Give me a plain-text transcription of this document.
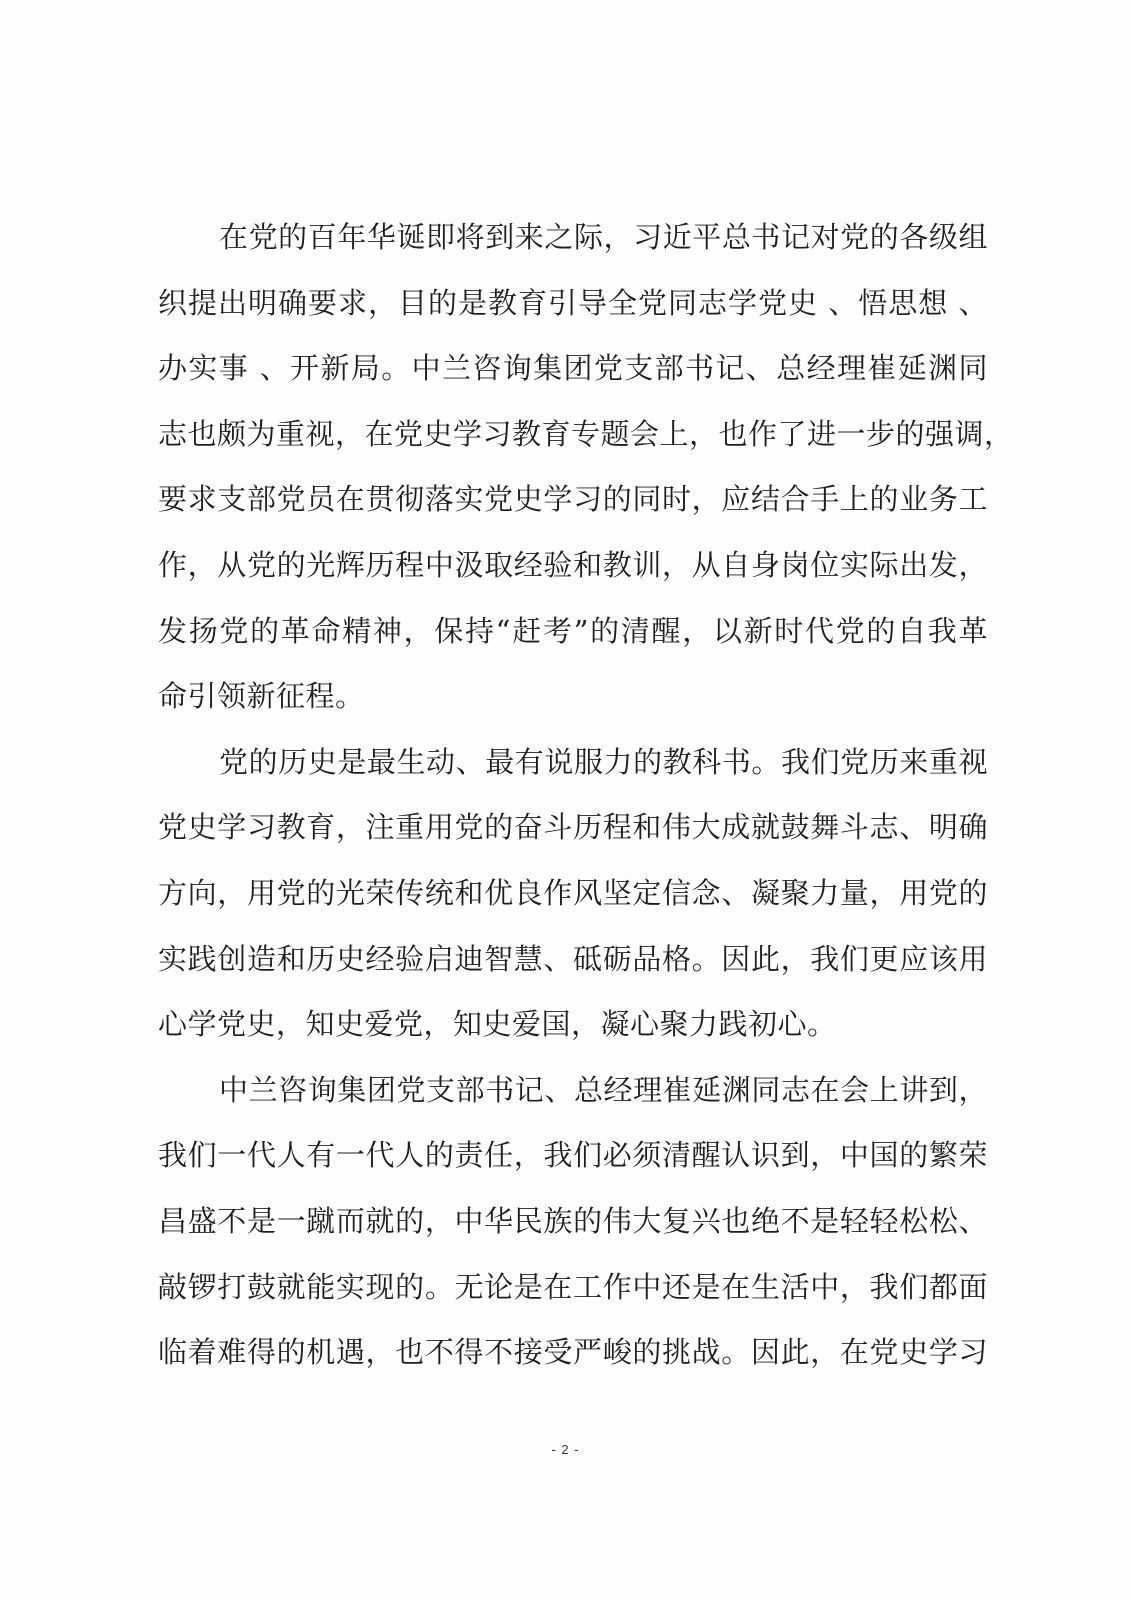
在党的百年华诞即将到来之际，习近平总书记对党的各级组
织提出明确要求，目的是教育引导全党同志学党史 、悟思想 、
办实事 、开新局。中兰咨询集团党支部书记、总经理崔延渊同
志也颇为重视，在党史学习教育专题会上，也作了进一步的强调，
要求支部党员在贯彻落实党史学习的同时，应结合手上的业务工
作，从党的光辉历程中汲取经验和教训，从自身岗位实际出发，
发扬党的革命精神，保持“赶考”的清醒，以新时代党的自我革
命引领新征程。
党的历史是最生动、最有说服力的教科书。我们党历来重视
党史学习教育，注重用党的奋斗历程和伟大成就鼓舞斗志、明确
方向，用党的光荣传统和优良作风坚定信念、凝聚力量，用党的
实践创造和历史经验启迪智慧、砥砺品格。因此，我们更应该用
心学党史，知史爱党，知史爱国，凝心聚力践初心。
中兰咨询集团党支部书记、总经理崔延渊同志在会上讲到，
我们一代人有一代人的责任，我们必须清醒认识到，中国的繁荣
昌盛不是一蹴而就的，中华民族的伟大复兴也绝不是轻轻松松、
敲锣打鼓就能实现的。无论是在工作中还是在生活中，我们都面
临着难得的机遇，也不得不接受严峻的挑战。因此，在党史学习
- 2 -
